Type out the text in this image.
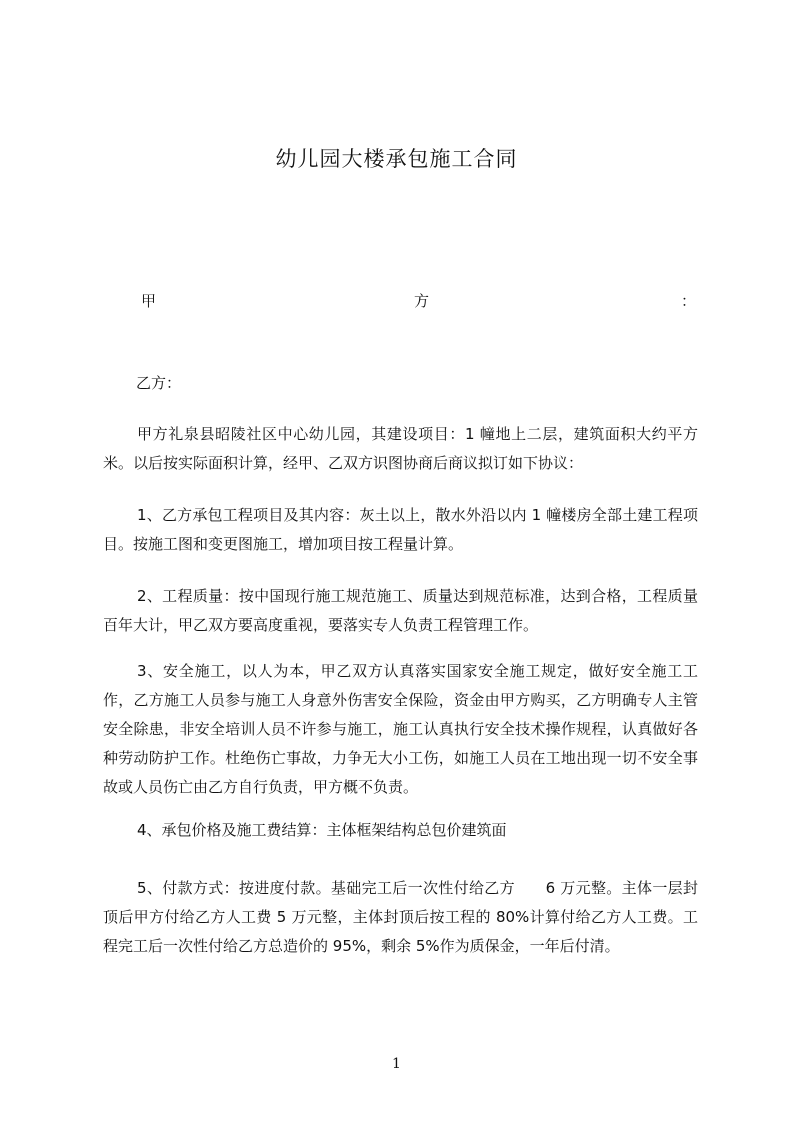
幼儿园大楼承包施工合同
甲	方	：
乙方：
甲方礼泉县昭陵社区中心幼儿园，其建设项目：1 幢地上二层，建筑面积大约平方米。以后按实际面积计算，经甲、乙双方识图协商后商议拟订如下协议：
1、乙方承包工程项目及其内容：灰土以上，散水外沿以内 1 幢楼房全部土建工程项目。按施工图和变更图施工，增加项目按工程量计算。
2、工程质量：按中国现行施工规范施工、质量达到规范标准，达到合格，工程质量百年大计，甲乙双方要高度重视，要落实专人负责工程管理工作。
3、安全施工，以人为本，甲乙双方认真落实国家安全施工规定，做好安全施工工作，乙方施工人员参与施工人身意外伤害安全保险，资金由甲方购买，乙方明确专人主管安全除患，非安全培训人员不许参与施工，施工认真执行安全技术操作规程，认真做好各种劳动防护工作。杜绝伤亡事故，力争无大小工伤，如施工人员在工地出现一切不安全事故或人员伤亡由乙方自行负责，甲方概不负责。
4、承包价格及施工费结算：主体框架结构总包价建筑面
5、付款方式：按进度付款。基础完工后一次性付给乙方　　6 万元整。主体一层封顶后甲方付给乙方人工费 5 万元整，主体封顶后按工程的 80%计算付给乙方人工费。工程完工后一次性付给乙方总造价的 95%，剩余 5%作为质保金，一年后付清。
1
